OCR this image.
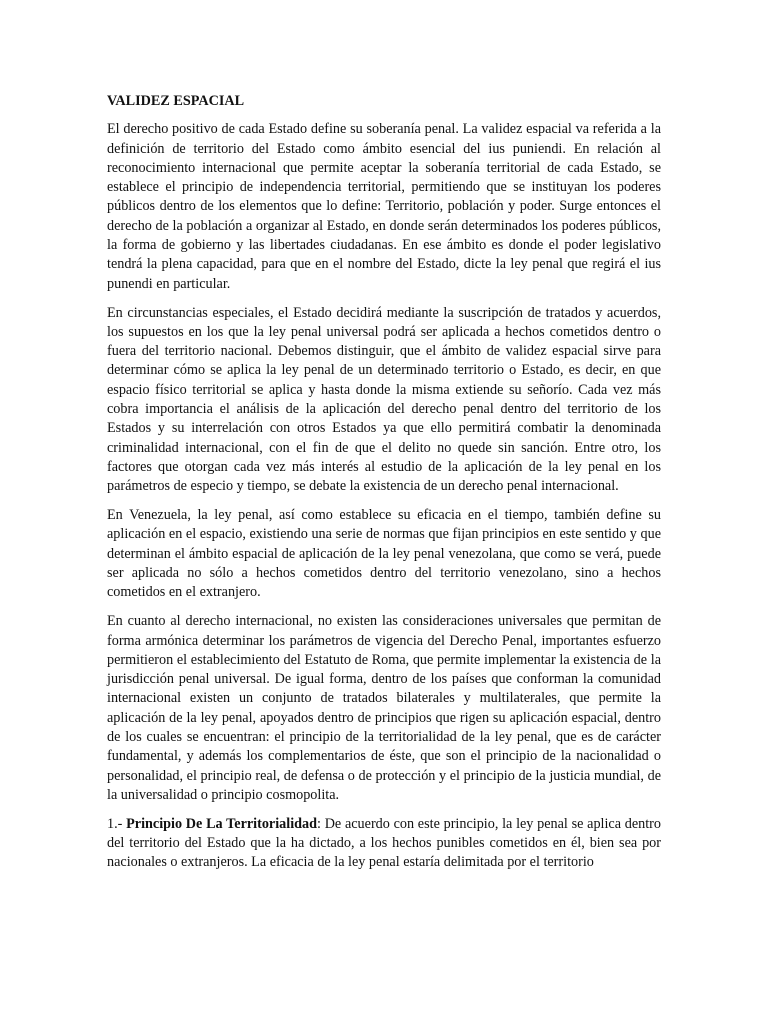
VALIDEZ ESPACIAL

El derecho positivo de cada Estado define su soberanía penal. La validez espacial va referida a la definición de territorio del Estado como ámbito esencial del ius puniendi. En relación al reconocimiento internacional que permite aceptar la soberanía territorial de cada Estado, se establece el principio de independencia territorial, permitiendo que se instituyan los poderes públicos dentro de los elementos que lo define: Territorio, población y poder. Surge entonces el derecho de la población a organizar al Estado, en donde serán determinados los poderes públicos, la forma de gobierno y las libertades ciudadanas. En ese ámbito es donde el poder legislativo tendrá la plena capacidad, para que en el nombre del Estado, dicte la ley penal que regirá el ius punendi en particular.

En circunstancias especiales, el Estado decidirá mediante la suscripción de tratados y acuerdos, los supuestos en los que la ley penal universal podrá ser aplicada a hechos cometidos dentro o fuera del territorio nacional. Debemos distinguir, que el ámbito de validez espacial sirve para determinar cómo se aplica la ley penal de un determinado territorio o Estado, es decir, en que espacio físico territorial se aplica y hasta donde la misma extiende su señorío. Cada vez más cobra importancia el análisis de la aplicación del derecho penal dentro del territorio de los Estados y su interrelación con otros Estados ya que ello permitirá combatir la denominada criminalidad internacional, con el fin de que el delito no quede sin sanción. Entre otro, los factores que otorgan cada vez más interés al estudio de la aplicación de la ley penal en los parámetros de especio y tiempo, se debate la existencia de un derecho penal internacional.

En Venezuela, la ley penal, así como establece su eficacia en el tiempo, también define su aplicación en el espacio, existiendo una serie de normas que fijan principios en este sentido y que determinan el ámbito espacial de aplicación de la ley penal venezolana, que como se verá, puede ser aplicada no sólo a hechos cometidos dentro del territorio venezolano, sino a hechos cometidos en el extranjero.

En cuanto al derecho internacional, no existen las consideraciones universales que permitan de forma armónica determinar los parámetros de vigencia del Derecho Penal, importantes esfuerzo permitieron el establecimiento del Estatuto de Roma, que permite implementar la existencia de la jurisdicción penal universal. De igual forma, dentro de los países que conforman la comunidad internacional existen un conjunto de tratados bilaterales y multilaterales, que permite la aplicación de la ley penal, apoyados dentro de principios que rigen su aplicación espacial, dentro de los cuales se encuentran: el principio de la territorialidad de la ley penal, que es de carácter fundamental, y además los complementarios de éste, que son el principio de la nacionalidad o personalidad, el principio real, de defensa o de protección y el principio de la justicia mundial, de la universalidad o principio cosmopolita.

1.- Principio De La Territorialidad: De acuerdo con este principio, la ley penal se aplica dentro del territorio del Estado que la ha dictado, a los hechos punibles cometidos en él, bien sea por nacionales o extranjeros. La eficacia de la ley penal estaría delimitada por el territorio
